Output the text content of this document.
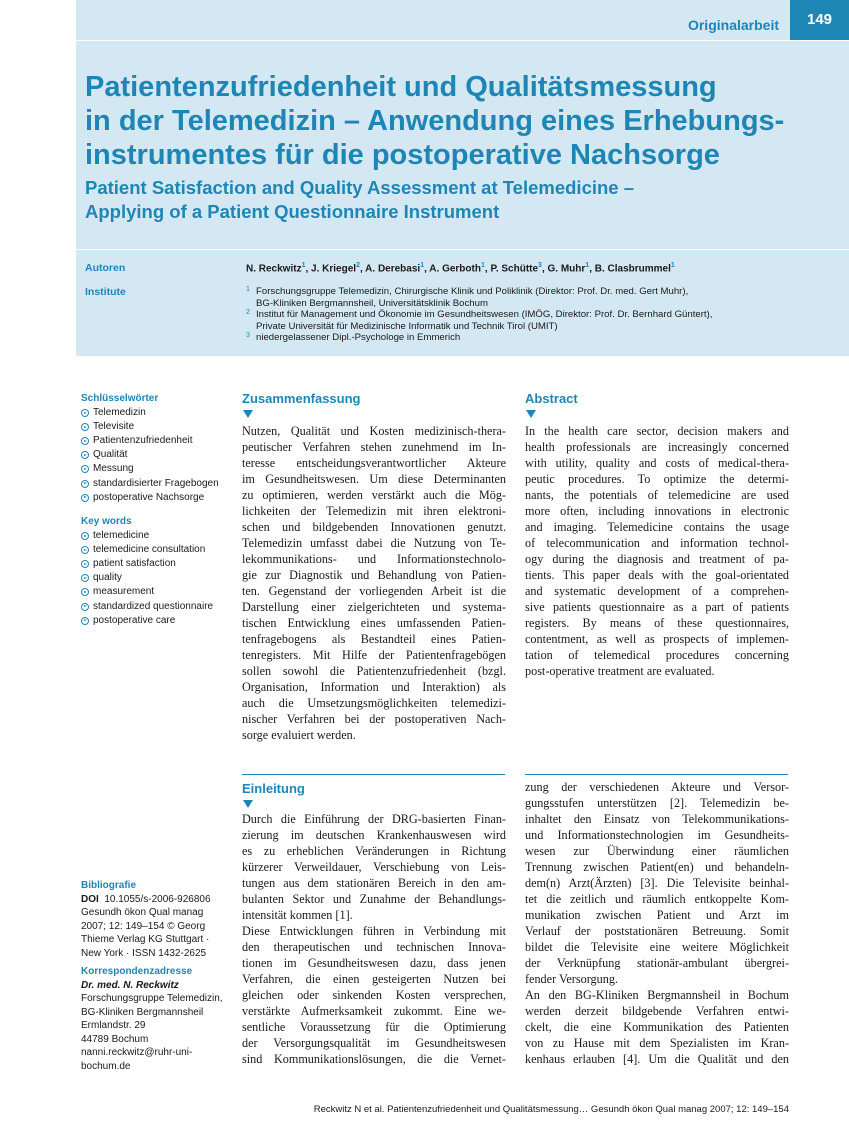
Originalarbeit	149
Patientenzufriedenheit und Qualitätsmessung
in der Telemedizin – Anwendung eines Erhebungs-
instrumentes für die postoperative Nachsorge
Patient Satisfaction and Quality Assessment at Telemedicine –
Applying of a Patient Questionnaire Instrument
Autoren	N. Reckwitz$^1$, J. Kriegel$^2$, A. Derebasi$^1$, A. Gerboth$^1$, P. Schütte$^3$, G. Muhr$^1$, B. Clasbrummel$^1$
Institute	1 Forschungsgruppe Telemedizin, Chirurgische Klinik und Poliklinik (Direktor: Prof. Dr. med. Gert Muhr),
BG-Kliniken Bergmannsheil, Universitätsklinik Bochum
2 Institut für Management und Ökonomie im Gesundheitswesen (IMÖG, Direktor: Prof. Dr. Bernhard Güntert),
Private Universität für Medizinische Informatik und Technik Tirol (UMIT)
3 niedergelassener Dipl.-Psychologe in Emmerich
Schlüsselwörter
Telemedizin
Televisite
Patientenzufriedenheit
Qualität
Messung
standardisierter Fragebogen
postoperative Nachsorge
Key words
telemedicine
telemedicine consultation
patient satisfaction
quality
measurement
standardized questionnaire
postoperative care
Bibliografie
DOI 10.1055/s-2006-926806
Gesundh ökon Qual manag
2007; 12: 149–154 © Georg
Thieme Verlag KG Stuttgart ·
New York · ISSN 1432-2625
Korrespondenzadresse
Dr. med. N. Reckwitz
Forschungsgruppe Telemedizin,
BG-Kliniken Bergmannsheil
Ermlandstr. 29
44789 Bochum
nanni.reckwitz@ruhr-uni-
bochum.de
Zusammenfassung
Nutzen, Qualität und Kosten medizinisch-thera-
peutischer Verfahren stehen zunehmend im In-
teresse entscheidungsverantwortlicher Akteure
im Gesundheitswesen. Um diese Determinanten
zu optimieren, werden verstärkt auch die Mög-
lichkeiten der Telemedizin mit ihren elektroni-
schen und bildgebenden Innovationen genutzt.
Telemedizin umfasst dabei die Nutzung von Te-
lekommunikations- und Informationstechnolo-
gie zur Diagnostik und Behandlung von Patien-
ten. Gegenstand der vorliegenden Arbeit ist die
Darstellung einer zielgerichteten und systema-
tischen Entwicklung eines umfassenden Patien-
tenfragebogens als Bestandteil eines Patien-
tenregisters. Mit Hilfe der Patientenfragebögen
sollen sowohl die Patientenzufriedenheit (bzgl.
Organisation, Information und Interaktion) als
auch die Umsetzungsmöglichkeiten telemedizi-
nischer Verfahren bei der postoperativen Nach-
sorge evaluiert werden.
Abstract
In the health care sector, decision makers and
health professionals are increasingly concerned
with utility, quality and costs of medical-thera-
peutic procedures. To optimize the determi-
nants, the potentials of telemedicine are used
more often, including innovations in electronic
and imaging. Telemedicine contains the usage
of telecommunication and information technol-
ogy during the diagnosis and treatment of pa-
tients. This paper deals with the goal-orientated
and systematic development of a comprehen-
sive patients questionnaire as a part of patients
registers. By means of these questionnaires,
contentment, as well as prospects of implemen-
tation of telemedical procedures concerning
post-operative treatment are evaluated.
Einleitung
Durch die Einführung der DRG-basierten Finan-
zierung im deutschen Krankenhauswesen wird
es zu erheblichen Veränderungen in Richtung
kürzerer Verweildauer, Verschiebung von Leis-
tungen aus dem stationären Bereich in den am-
bulanten Sektor und Zunahme der Behandlungs-
intensität kommen [1].
Diese Entwicklungen führen in Verbindung mit
den therapeutischen und technischen Innova-
tionen im Gesundheitswesen dazu, dass jenen
Verfahren, die einen gesteigerten Nutzen bei
gleichen oder sinkenden Kosten versprechen,
verstärkte Aufmerksamkeit zukommt. Eine we-
sentliche Voraussetzung für die Optimierung
der Versorgungsqualität im Gesundheitswesen
sind Kommunikationslösungen, die die Vernet-
zung der verschiedenen Akteure und Versor-
gungsstufen unterstützen [2]. Telemedizin be-
inhaltet den Einsatz von Telekommunikations-
und Informationstechnologien im Gesundheits-
wesen zur Überwindung einer räumlichen
Trennung zwischen Patient(en) und behandeln-
dem(n) Arzt(Ärzten) [3]. Die Televisite beinhal-
tet die zeitlich und räumlich entkoppelte Kom-
munikation zwischen Patient und Arzt im
Verlauf der poststationären Betreuung. Somit
bildet die Televisite eine weitere Möglichkeit
der Verknüpfung stationär-ambulant übergrei-
fender Versorgung.
An den BG-Kliniken Bergmannsheil in Bochum
werden derzeit bildgebende Verfahren entwi-
ckelt, die eine Kommunikation des Patienten
von zu Hause mit dem Spezialisten im Kran-
kenhaus erlauben [4]. Um die Qualität und den
Reckwitz N et al. Patientenzufriedenheit und Qualitätsmessung… Gesundh ökon Qual manag 2007; 12: 149–154
